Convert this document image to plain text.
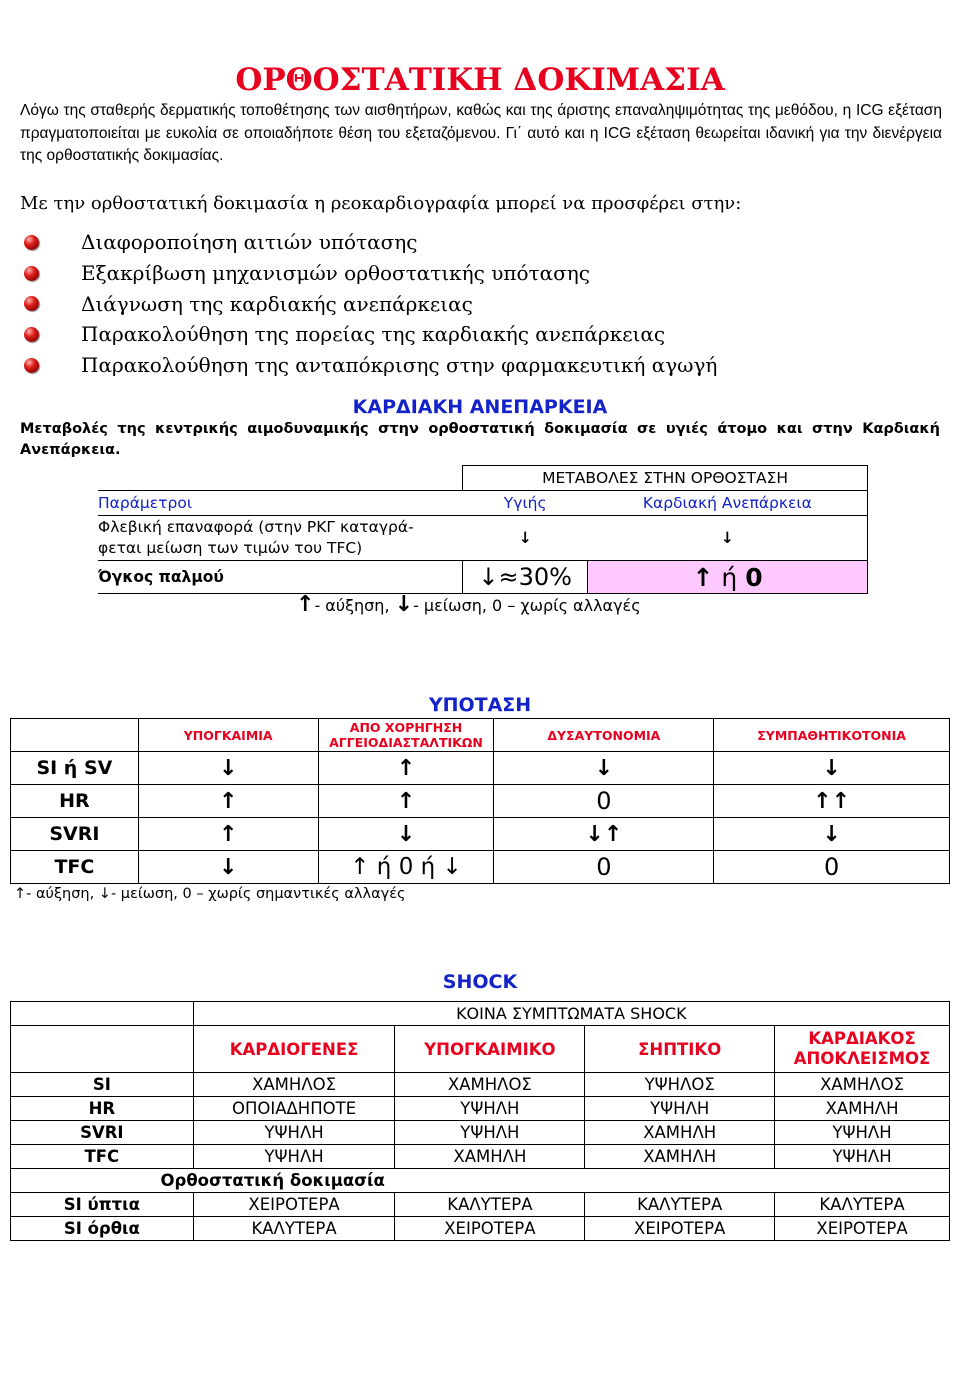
ΟΡΘΟΣΤΑΤΙΚΗ ΔΟΚΙΜΑΣΙΑ
Λόγω της σταθερής δερματικής τοποθέτησης των αισθητήρων, καθώς και της άριστης επαναληψιμότητας της μεθόδου, η ICG εξέταση πραγματοποιείται με ευκολία σε οποιαδήποτε θέση του εξεταζόμενου. Γι΄ αυτό και η ICG εξέταση θεωρείται ιδανική για την διενέργεια της ορθοστατικής δοκιμασίας.
Με την ορθοστατική δοκιμασία η ρεοκαρδιογραφία μπορεί να προσφέρει στην:
Διαφοροποίηση αιτιών υπότασης
Εξακρίβωση μηχανισμών ορθοστατικής υπότασης
Διάγνωση της καρδιακής ανεπάρκειας
Παρακολούθηση της πορείας της καρδιακής ανεπάρκειας
Παρακολούθηση της ανταπόκρισης στην φαρμακευτική αγωγή
ΚΑΡΔΙΑΚΗ ΑΝΕΠΑΡΚΕΙΑ
Μεταβολές της κεντρικής αιμοδυναμικής στην ορθοστατική δοκιμασία σε υγιές άτομο και στην Καρδιακή Ανεπάρκεια.
	ΜΕΤΑΒΟΛΕΣ ΣΤΗΝ ΟΡΘΟΣΤΑΣΗ	
Παράμετροι	Υγιής	Καρδιακή Ανεπάρκεια

Φλεβική επαναφορά (στην ΡΚΓ καταγρά-
φεται μείωση των τιμών του TFC)	↓	↓
Όγκος παλμού	↓≈30%	↑ ή 0
↑- αύξηση, ↓- μείωση, 0 – χωρίς αλλαγές
ΥΠΟΤΑΣΗ
	ΥΠΟΓΚΑΙΜΙΑ	ΑΠΟ ΧΟΡΗΓΗΣΗ
ΑΓΓΕΙΟΔΙΑΣΤΑΛΤΙΚΩΝ	ΔΥΣΑΥΤΟΝΟΜΙΑ	ΣΥΜΠΑΘΗΤΙΚΟΤΟΝΙΑ
SI ή SV	↓	↑	↓	↓
HR	↑	↑	0	↑↑
SVRI	↑	↓	↓↑	↓
TFC	↓	↑ ή 0 ή ↓	0	0
↑- αύξηση, ↓- μείωση, 0 – χωρίς σημαντικές αλλαγές
SHOCK
	ΚΟΙΝΑ ΣΥΜΠΤΩΜΑΤΑ SHOCK			
	ΚΑΡΔΙΟΓΕΝΕΣ	ΥΠΟΓΚΑΙΜΙΚΟ	ΣΗΠΤΙΚΟ	ΚΑΡΔΙΑΚΟΣ
ΑΠΟΚΛΕΙΣΜΟΣ

SI	ΧΑΜΗΛΟΣ	ΧΑΜΗΛΟΣ	ΥΨΗΛΟΣ	ΧΑΜΗΛΟΣ
HR	ΟΠΟΙΑΔΗΠΟΤΕ	ΥΨΗΛΗ	ΥΨΗΛΗ	ΧΑΜΗΛΗ
SVRI	ΥΨΗΛΗ	ΥΨΗΛΗ	ΧΑΜΗΛΗ	ΥΨΗΛΗ
TFC	ΥΨΗΛΗ	ΧΑΜΗΛΗ	ΧΑΜΗΛΗ	ΥΨΗΛΗ
	Ορθοστατική δοκιμασία			
SI ύπτια	ΧΕΙΡΟΤΕΡΑ	ΚΑΛΥΤΕΡΑ	ΚΑΛΥΤΕΡΑ	ΚΑΛΥΤΕΡΑ
SI όρθια	ΚΑΛΥΤΕΡΑ	ΧΕΙΡΟΤΕΡΑ	ΧΕΙΡΟΤΕΡΑ	ΧΕΙΡΟΤΕΡΑ
